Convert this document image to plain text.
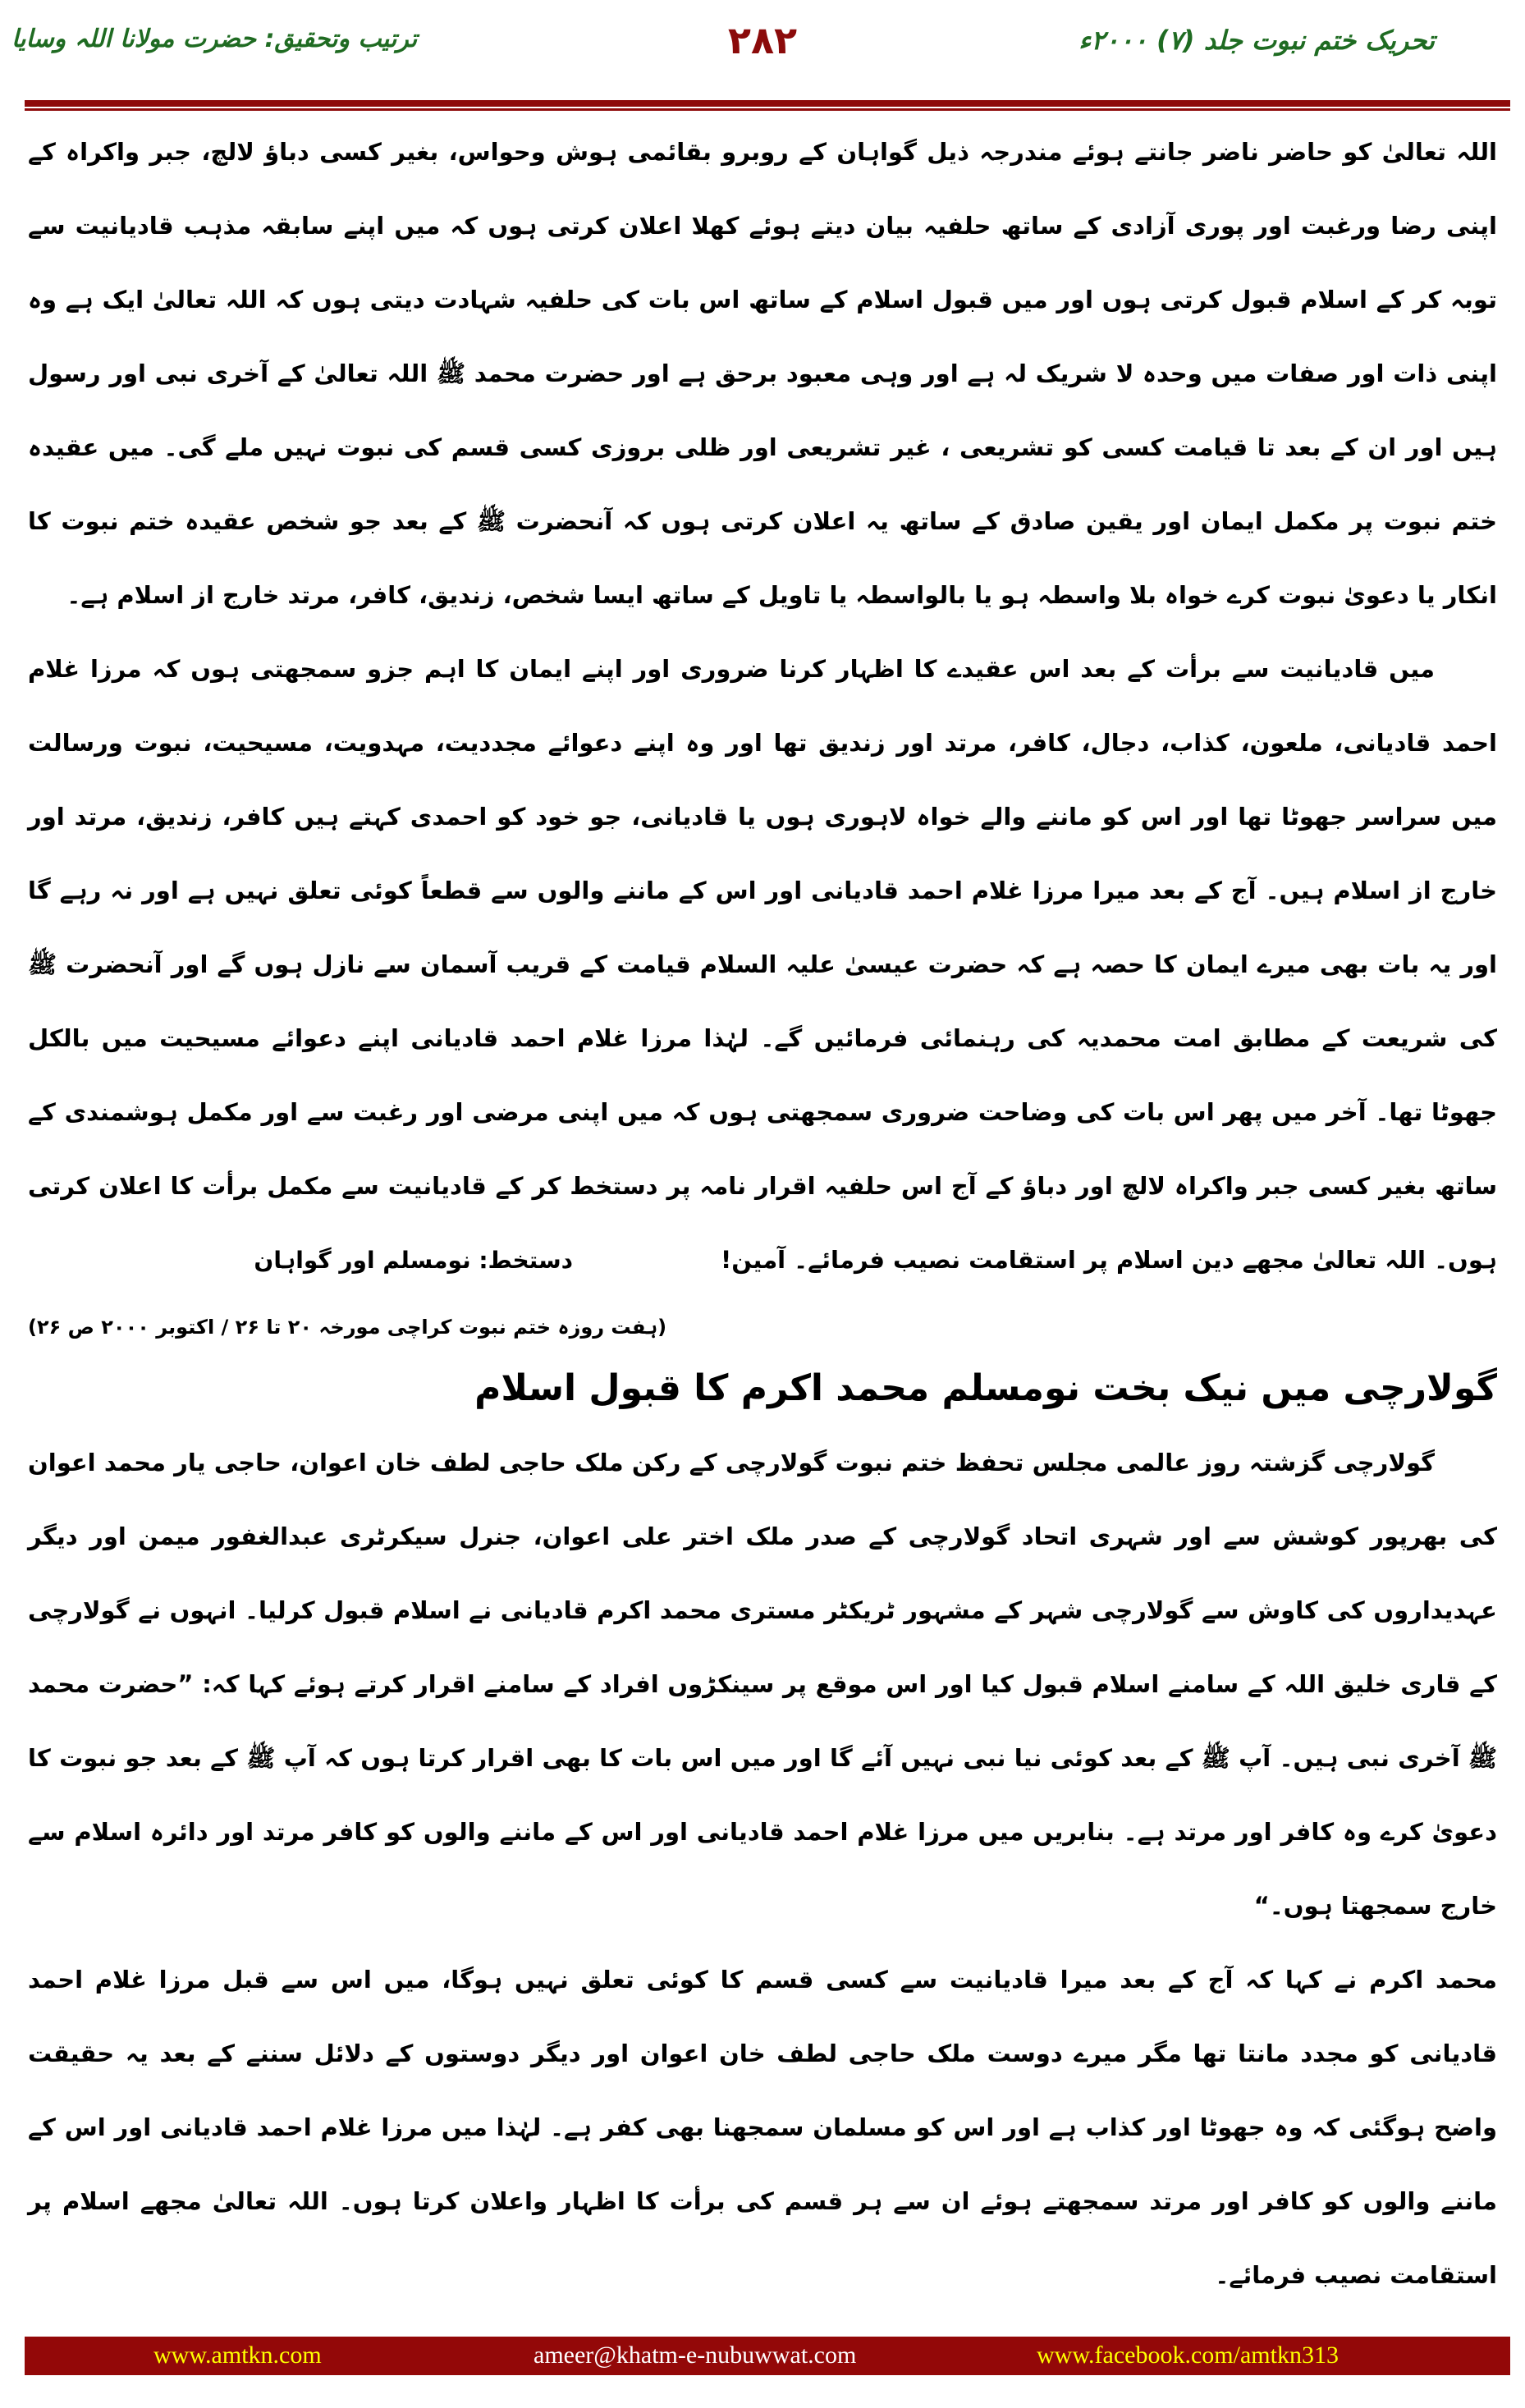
تحریک ختم نبوت جلد (۷) ۲۰۰۰ء
۲۸۲
ترتیب وتحقیق: حضرت مولانا اللہ وسایا

اللہ تعالیٰ کو حاضر ناضر جانتے ہوئے مندرجہ ذیل گواہان کے روبرو بقائمی ہوش وحواس، بغیر کسی دباؤ لالچ، جبر واکراہ کے اپنی رضا ورغبت اور پوری آزادی کے ساتھ حلفیہ بیان دیتے ہوئے کھلا اعلان کرتی ہوں کہ میں اپنے سابقہ مذہب قادیانیت سے توبہ کر کے اسلام قبول کرتی ہوں اور میں قبول اسلام کے ساتھ اس بات کی حلفیہ شہادت دیتی ہوں کہ اللہ تعالیٰ ایک ہے وہ اپنی ذات اور صفات میں وحدہ لا شریک لہ ہے اور وہی معبود برحق ہے اور حضرت محمد ﷺ اللہ تعالیٰ کے آخری نبی اور رسول ہیں اور ان کے بعد تا قیامت کسی کو تشریعی ، غیر تشریعی اور ظلی بروزی کسی قسم کی نبوت نہیں ملے گی۔ میں عقیدہ ختم نبوت پر مکمل ایمان اور یقین صادق کے ساتھ یہ اعلان کرتی ہوں کہ آنحضرت ﷺ کے بعد جو شخص عقیدہ ختم نبوت کا انکار یا دعویٰ نبوت کرے خواہ بلا واسطہ ہو یا بالواسطہ یا تاویل کے ساتھ ایسا شخص، زندیق، کافر، مرتد خارج از اسلام ہے۔

میں قادیانیت سے برأت کے بعد اس عقیدے کا اظہار کرنا ضروری اور اپنے ایمان کا اہم جزو سمجھتی ہوں کہ مرزا غلام احمد قادیانی، ملعون، کذاب، دجال، کافر، مرتد اور زندیق تھا اور وہ اپنے دعوائے مجددیت، مہدویت، مسیحیت، نبوت ورسالت میں سراسر جھوٹا تھا اور اس کو ماننے والے خواہ لاہوری ہوں یا قادیانی، جو خود کو احمدی کہتے ہیں کافر، زندیق، مرتد اور خارج از اسلام ہیں۔ آج کے بعد میرا مرزا غلام احمد قادیانی اور اس کے ماننے والوں سے قطعاً کوئی تعلق نہیں ہے اور نہ رہے گا اور یہ بات بھی میرے ایمان کا حصہ ہے کہ حضرت عیسیٰ علیہ السلام قیامت کے قریب آسمان سے نازل ہوں گے اور آنحضرت ﷺ کی شریعت کے مطابق امت محمدیہ کی رہنمائی فرمائیں گے۔ لہٰذا مرزا غلام احمد قادیانی اپنے دعوائے مسیحیت میں بالکل جھوٹا تھا۔ آخر میں پھر اس بات کی وضاحت ضروری سمجھتی ہوں کہ میں اپنی مرضی اور رغبت سے اور مکمل ہوشمندی کے ساتھ بغیر کسی جبر واکراہ لالچ اور دباؤ کے آج اس حلفیہ اقرار نامہ پر دستخط کر کے قادیانیت سے مکمل برأت کا اعلان کرتی ہوں۔ اللہ تعالیٰ مجھے دین اسلام پر استقامت نصیب فرمائے۔ آمین!دستخط: نومسلم اور گواہان

(ہفت روزہ ختم نبوت کراچی مورخہ ۲۰ تا ۲۶ / اکتوبر ۲۰۰۰ ص ۲۶)

گولارچی میں نیک بخت نومسلم محمد اکرم کا قبول اسلام

گولارچی گزشتہ روز عالمی مجلس تحفظ ختم نبوت گولارچی کے رکن ملک حاجی لطف خان اعوان، حاجی یار محمد اعوان کی بھرپور کوشش سے اور شہری اتحاد گولارچی کے صدر ملک اختر علی اعوان، جنرل سیکرٹری عبدالغفور میمن اور دیگر عہدیداروں کی کاوش سے گولارچی شہر کے مشہور ٹریکٹر مستری محمد اکرم قادیانی نے اسلام قبول کرلیا۔ انہوں نے گولارچی کے قاری خلیق اللہ کے سامنے اسلام قبول کیا اور اس موقع پر سینکڑوں افراد کے سامنے اقرار کرتے ہوئے کہا کہ: ”حضرت محمد ﷺ آخری نبی ہیں۔ آپ ﷺ کے بعد کوئی نیا نبی نہیں آئے گا اور میں اس بات کا بھی اقرار کرتا ہوں کہ آپ ﷺ کے بعد جو نبوت کا دعویٰ کرے وہ کافر اور مرتد ہے۔ بنابریں میں مرزا غلام احمد قادیانی اور اس کے ماننے والوں کو کافر مرتد اور دائرہ اسلام سے خارج سمجھتا ہوں۔“

محمد اکرم نے کہا کہ آج کے بعد میرا قادیانیت سے کسی قسم کا کوئی تعلق نہیں ہوگا، میں اس سے قبل مرزا غلام احمد قادیانی کو مجدد مانتا تھا مگر میرے دوست ملک حاجی لطف خان اعوان اور دیگر دوستوں کے دلائل سننے کے بعد یہ حقیقت واضح ہوگئی کہ وہ جھوٹا اور کذاب ہے اور اس کو مسلمان سمجھنا بھی کفر ہے۔ لہٰذا میں مرزا غلام احمد قادیانی اور اس کے ماننے والوں کو کافر اور مرتد سمجھتے ہوئے ان سے ہر قسم کی برأت کا اظہار واعلان کرتا ہوں۔ اللہ تعالیٰ مجھے اسلام پر استقامت نصیب فرمائے۔

www.amtkn.com	ameer@khatm-e-nubuwwat.com	www.facebook.com/amtkn313
